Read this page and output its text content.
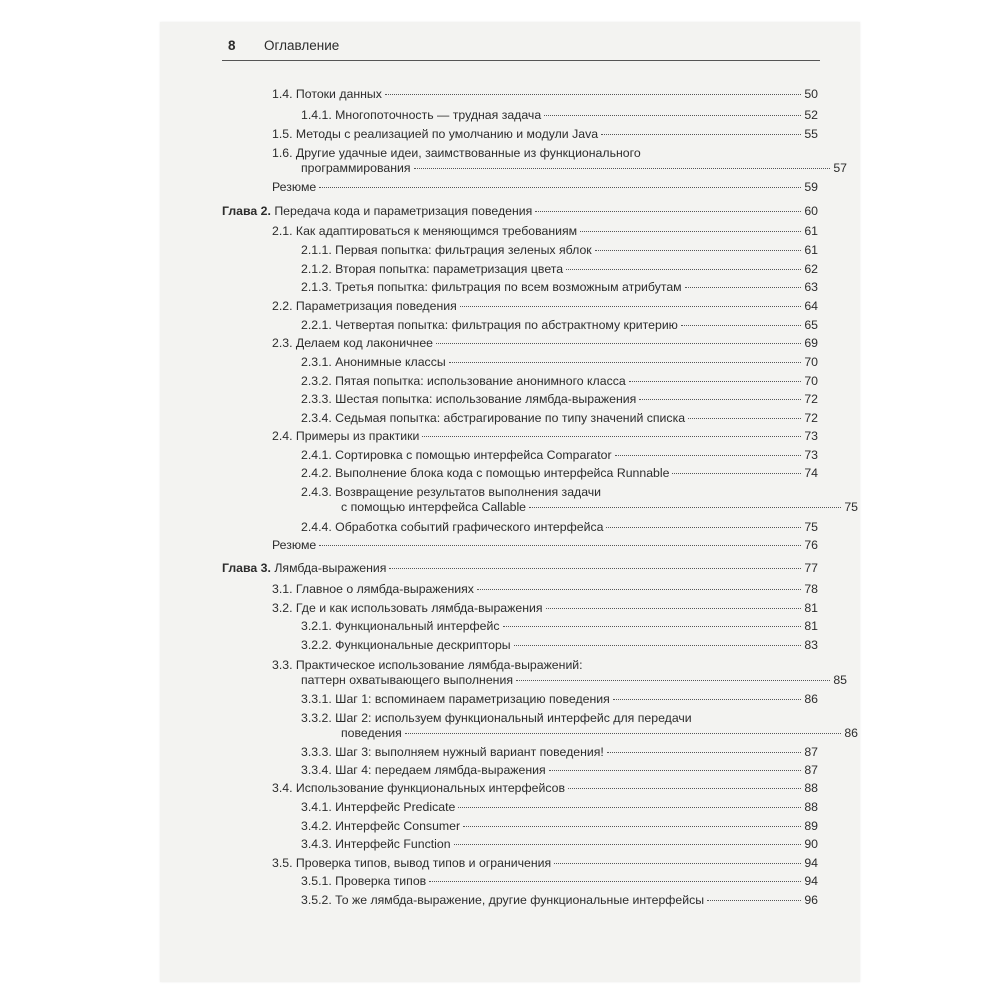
8 Оглавление
1.4. Потоки данных	50
1.4.1. Многопоточность — трудная задача	52
1.5. Методы с реализацией по умолчанию и модули Java	55
1.6. Другие удачные идеи, заимствованные из функционального
программирования	57
Резюме	59
Глава 2. Передача кода и параметризация поведения	60
2.1. Как адаптироваться к меняющимся требованиям	61
2.1.1. Первая попытка: фильтрация зеленых яблок	61
2.1.2. Вторая попытка: параметризация цвета	62
2.1.3. Третья попытка: фильтрация по всем возможным атрибутам	63
2.2. Параметризация поведения	64
2.2.1. Четвертая попытка: фильтрация по абстрактному критерию	65
2.3. Делаем код лаконичнее	69
2.3.1. Анонимные классы	70
2.3.2. Пятая попытка: использование анонимного класса	70
2.3.3. Шестая попытка: использование лямбда-выражения	72
2.3.4. Седьмая попытка: абстрагирование по типу значений списка	72
2.4. Примеры из практики	73
2.4.1. Сортировка с помощью интерфейса Comparator	73
2.4.2. Выполнение блока кода с помощью интерфейса Runnable	74
2.4.3. Возвращение результатов выполнения задачи
с помощью интерфейса Callable	75
2.4.4. Обработка событий графического интерфейса	75
Резюме	76
Глава 3. Лямбда-выражения	77
3.1. Главное о лямбда-выражениях	78
3.2. Где и как использовать лямбда-выражения	81
3.2.1. Функциональный интерфейс	81
3.2.2. Функциональные дескрипторы	83
3.3. Практическое использование лямбда-выражений:
паттерн охватывающего выполнения	85
3.3.1. Шаг 1: вспоминаем параметризацию поведения	86
3.3.2. Шаг 2: используем функциональный интерфейс для передачи
поведения	86
3.3.3. Шаг 3: выполняем нужный вариант поведения!	87
3.3.4. Шаг 4: передаем лямбда-выражения	87
3.4. Использование функциональных интерфейсов	88
3.4.1. Интерфейс Predicate	88
3.4.2. Интерфейс Consumer	89
3.4.3. Интерфейс Function	90
3.5. Проверка типов, вывод типов и ограничения	94
3.5.1. Проверка типов	94
3.5.2. То же лямбда-выражение, другие функциональные интерфейсы	96
